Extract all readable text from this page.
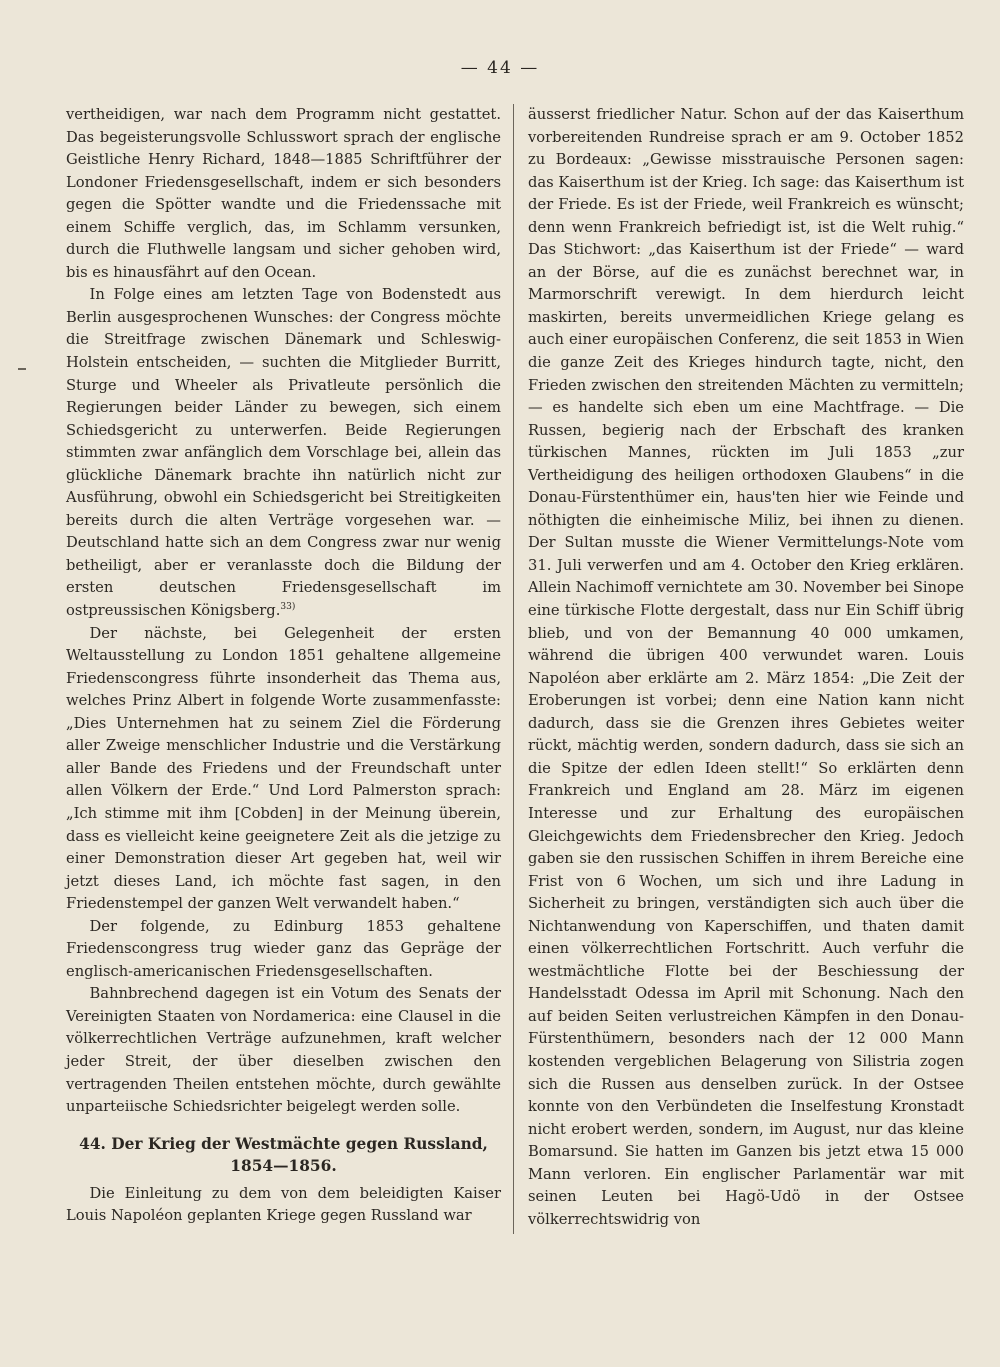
— 44 —

vertheidigen, war nach dem Programm nicht gestattet. Das begeisterungsvolle Schlusswort sprach der englische Geistliche Henry Richard, 1848—1885 Schriftführer der Londoner Friedensgesellschaft, indem er sich besonders gegen die Spötter wandte und die Friedenssache mit einem Schiffe verglich, das, im Schlamm versunken, durch die Fluthwelle langsam und sicher gehoben wird, bis es hinausfährt auf den Ocean.

In Folge eines am letzten Tage von Bodenstedt aus Berlin ausgesprochenen Wunsches: der Congress möchte die Streitfrage zwischen Dänemark und Schleswig-Holstein entscheiden, — suchten die Mitglieder Burritt, Sturge und Wheeler als Privatleute persönlich die Regierungen beider Länder zu bewegen, sich einem Schiedsgericht zu unterwerfen. Beide Regierungen stimmten zwar anfänglich dem Vorschlage bei, allein das glückliche Dänemark brachte ihn natürlich nicht zur Ausführung, obwohl ein Schiedsgericht bei Streitigkeiten bereits durch die alten Verträge vorgesehen war. — Deutschland hatte sich an dem Congress zwar nur wenig betheiligt, aber er veranlasste doch die Bildung der ersten deutschen Friedensgesellschaft im ostpreussischen Königsberg.$^{33)}$

Der nächste, bei Gelegenheit der ersten Weltausstellung zu London 1851 gehaltene allgemeine Friedenscongress führte insonderheit das Thema aus, welches Prinz Albert in folgende Worte zusammenfasste: „Dies Unternehmen hat zu seinem Ziel die Förderung aller Zweige menschlicher Industrie und die Verstärkung aller Bande des Friedens und der Freundschaft unter allen Völkern der Erde.“ Und Lord Palmerston sprach: „Ich stimme mit ihm [Cobden] in der Meinung überein, dass es vielleicht keine geeignetere Zeit als die jetzige zu einer Demonstration dieser Art gegeben hat, weil wir jetzt dieses Land, ich möchte fast sagen, in den Friedenstempel der ganzen Welt verwandelt haben.“

Der folgende, zu Edinburg 1853 gehaltene Friedenscongress trug wieder ganz das Gepräge der englisch-americanischen Friedensgesellschaften.

Bahnbrechend dagegen ist ein Votum des Senats der Vereinigten Staaten von Nordamerica: eine Clausel in die völkerrechtlichen Verträge aufzunehmen, kraft welcher jeder Streit, der über dieselben zwischen den vertragenden Theilen entstehen möchte, durch gewählte unparteiische Schiedsrichter beigelegt werden solle.

44. Der Krieg der Westmächte gegen Russland,
1854—1856.

Die Einleitung zu dem von dem beleidigten Kaiser Louis Napoléon geplanten Kriege gegen Russland war

äusserst friedlicher Natur. Schon auf der das Kaiserthum vorbereitenden Rundreise sprach er am 9. October 1852 zu Bordeaux: „Gewisse misstrauische Personen sagen: das Kaiserthum ist der Krieg. Ich sage: das Kaiserthum ist der Friede. Es ist der Friede, weil Frankreich es wünscht; denn wenn Frankreich befriedigt ist, ist die Welt ruhig.“ Das Stichwort: „das Kaiserthum ist der Friede“ — ward an der Börse, auf die es zunächst berechnet war, in Marmorschrift verewigt. In dem hierdurch leicht maskirten, bereits unvermeidlichen Kriege gelang es auch einer europäischen Conferenz, die seit 1853 in Wien die ganze Zeit des Krieges hindurch tagte, nicht, den Frieden zwischen den streitenden Mächten zu vermitteln; — es handelte sich eben um eine Machtfrage. — Die Russen, begierig nach der Erbschaft des kranken türkischen Mannes, rückten im Juli 1853 „zur Vertheidigung des heiligen orthodoxen Glaubens“ in die Donau-Fürstenthümer ein, haus'ten hier wie Feinde und nöthigten die einheimische Miliz, bei ihnen zu dienen. Der Sultan musste die Wiener Vermittelungs-Note vom 31. Juli verwerfen und am 4. October den Krieg erklären. Allein Nachimoff vernichtete am 30. November bei Sinope eine türkische Flotte dergestalt, dass nur Ein Schiff übrig blieb, und von der Bemannung 40 000 umkamen, während die übrigen 400 verwundet waren. Louis Napoléon aber erklärte am 2. März 1854: „Die Zeit der Eroberungen ist vorbei; denn eine Nation kann nicht dadurch, dass sie die Grenzen ihres Gebietes weiter rückt, mächtig werden, sondern dadurch, dass sie sich an die Spitze der edlen Ideen stellt!“ So erklärten denn Frankreich und England am 28. März im eigenen Interesse und zur Erhaltung des europäischen Gleichgewichts dem Friedensbrecher den Krieg. Jedoch gaben sie den russischen Schiffen in ihrem Bereiche eine Frist von 6 Wochen, um sich und ihre Ladung in Sicherheit zu bringen, verständigten sich auch über die Nichtanwendung von Kaperschiffen, und thaten damit einen völkerrechtlichen Fortschritt. Auch verfuhr die westmächtliche Flotte bei der Beschiessung der Handelsstadt Odessa im April mit Schonung. Nach den auf beiden Seiten verlustreichen Kämpfen in den Donau-Fürstenthümern, besonders nach der 12 000 Mann kostenden vergeblichen Belagerung von Silistria zogen sich die Russen aus denselben zurück. In der Ostsee konnte von den Verbündeten die Inselfestung Kronstadt nicht erobert werden, sondern, im August, nur das kleine Bomarsund. Sie hatten im Ganzen bis jetzt etwa 15 000 Mann verloren. Ein englischer Parlamentär war mit seinen Leuten bei Hagö-Udö in der Ostsee völkerrechtswidrig von
